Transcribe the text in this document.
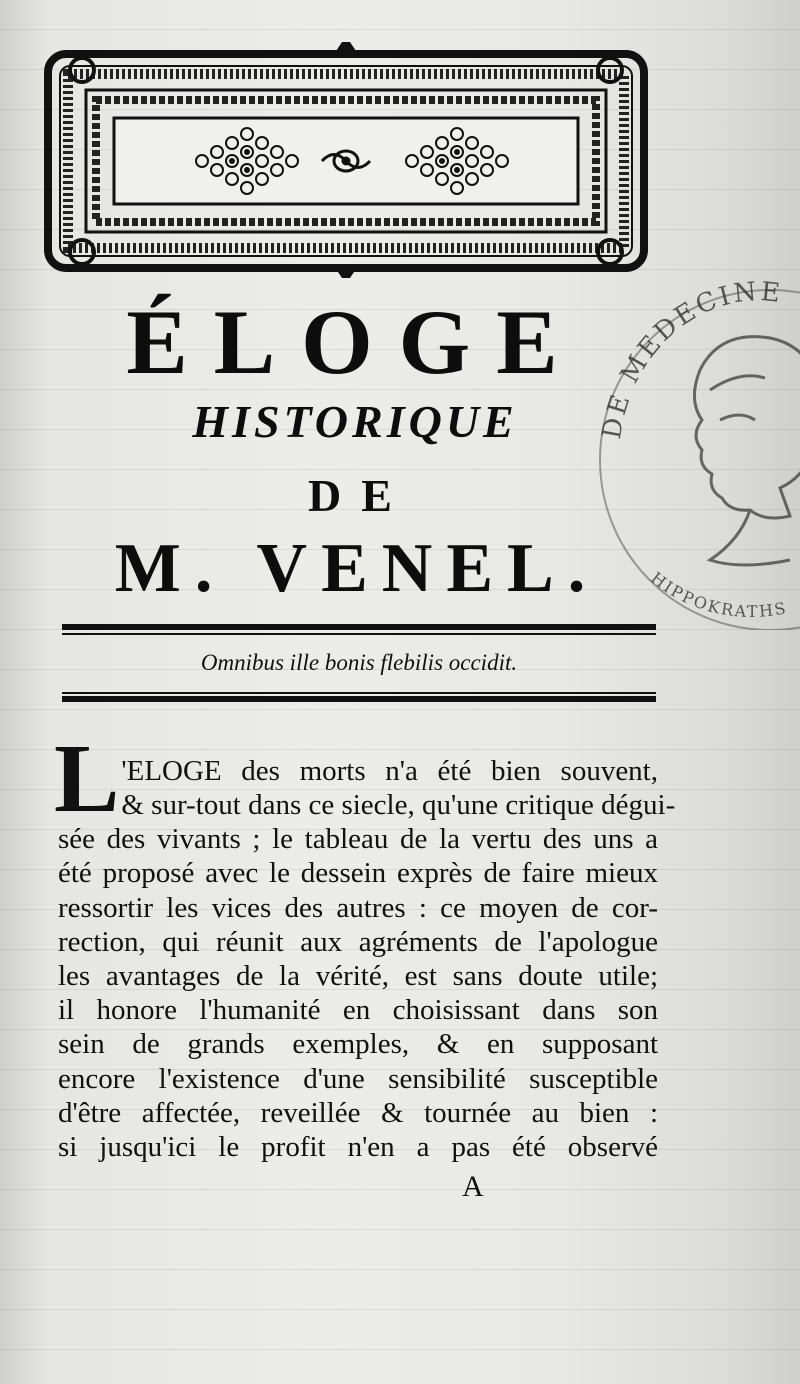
ÉLOGE
HISTORIQUE
DE
M. VENEL.
Omnibus ille bonis flebilis occidit.
L 'ELOGE des morts n'a été bien souvent,
& sur-tout dans ce siecle, qu'une critique dégui-
sée des vivants ; le tableau de la vertu des uns a
été proposé avec le dessein exprès de faire mieux
ressortir les vices des autres : ce moyen de cor-
rection, qui réunit aux agréments de l'apologue
les avantages de la vérité, est sans doute utile;
il honore l'humanité en choisissant dans son
sein de grands exemples, & en supposant
encore l'existence d'une sensibilité susceptible
d'être affectée, reveillée & tournée au bien :
si jusqu'ici le profit n'en a pas été observé
A
DE MEDECINE
HIPPOKRATHS
